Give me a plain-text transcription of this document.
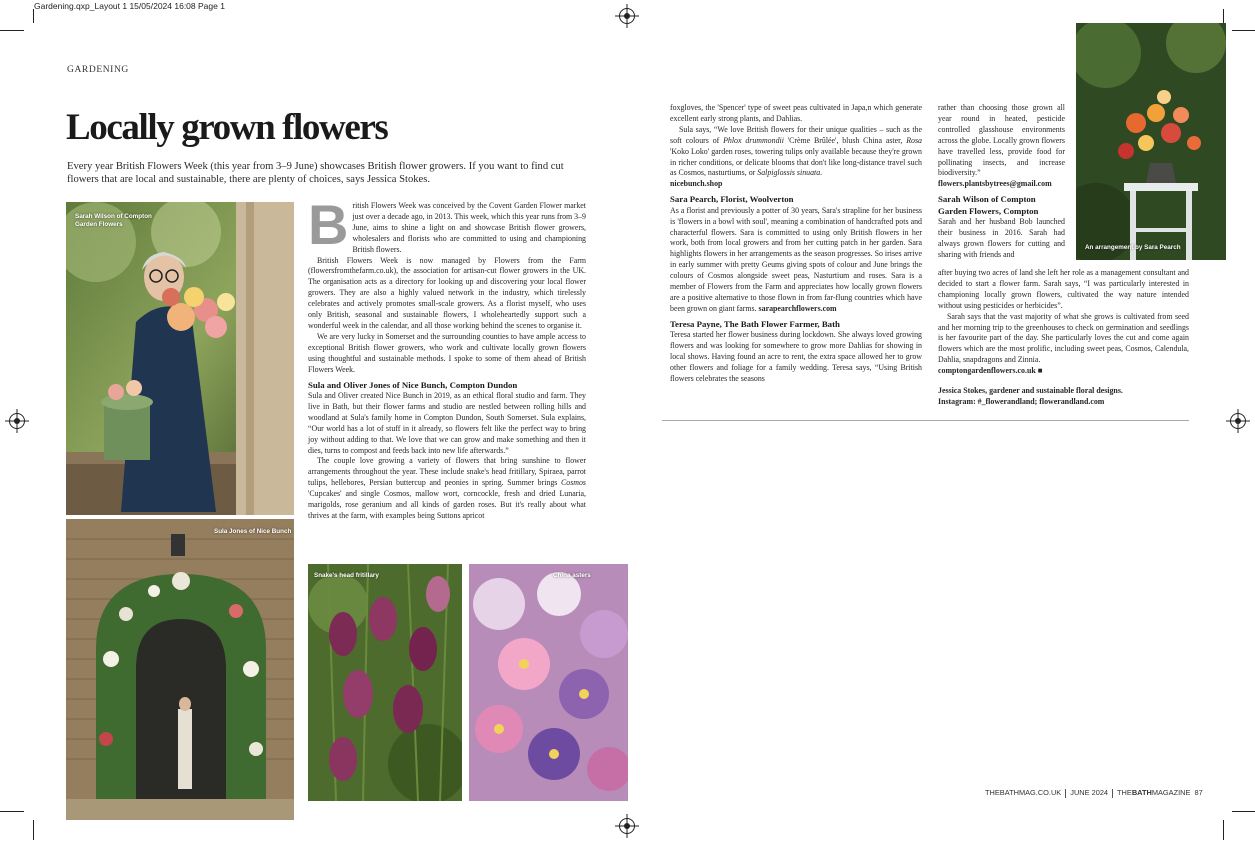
Gardening.qxp_Layout 1 15/05/2024 16:08 Page 1
GARDENING
Locally grown flowers
Every year British Flowers Week (this year from 3–9 June) showcases British flower growers. If you want to find cut flowers that are local and sustainable, there are plenty of choices, says Jessica Stokes.
Sarah Wilson of Compton Garden Flowers
Sula Jones of Nice Bunch
Snake's head fritillary	China asters
An arrangement by Sara Pearch

British Flowers Week was conceived by the Covent Garden Flower market just over a decade ago, in 2013. This week, which this year runs from 3–9 June, aims to shine a light on and showcase British flower growers, wholesalers and florists who are committed to using and championing British flowers.

British Flowers Week is now managed by Flowers from the Farm (flowersfromthefarm.co.uk), the association for artisan-cut flower growers in the UK. The organisation acts as a directory for looking up and discovering your local flower growers. They are also a highly valued network in the industry, which tirelessly celebrates and actively promotes small-scale growers. As a florist myself, who uses only British, seasonal and sustainable flowers, I wholeheartedly support such a wonderful week in the calendar, and all those working behind the scenes to organise it.

We are very lucky in Somerset and the surrounding counties to have ample access to exceptional British flower growers, who work and cultivate locally grown flowers using thoughtful and sustainable methods. I spoke to some of them ahead of British Flowers Week.

Sula and Oliver Jones of Nice Bunch, Compton Dundon

Sula and Oliver created Nice Bunch in 2019, as an ethical floral studio and farm. They live in Bath, but their flower farms and studio are nestled between rolling hills and woodland at Sula's family home in Compton Dundon, South Somerset. Sula explains, “Our world has a lot of stuff in it already, so flowers felt like the perfect way to bring joy without adding to that. We love that we can grow and make something and then it dies, turns to compost and feeds back into new life afterwards.”

The couple love growing a variety of flowers that bring sunshine to flower arrangements throughout the year. These include snake's head fritillary, Spiraea, parrot tulips, hellebores, Persian buttercup and peonies in spring. Summer brings Cosmos 'Cupcakes' and single Cosmos, mallow wort, corncockle, fresh and dried Lunaria, marigolds, rose geranium and all kinds of garden roses. But it's really about what thrives at the farm, with examples being Suttons apricot

foxgloves, the 'Spencer' type of sweet peas cultivated in Japa,n which generate excellent early strong plants, and Dahlias.

Sula says, “We love British flowers for their unique qualities – such as the soft colours of Phlox drummondii 'Crème Brûlée', blush China aster, Rosa 'Koko Loko' garden roses, towering tulips only available because they're grown in richer conditions, or delicate blooms that don't like long-distance travel such as Cosmos, nasturtiums, or Salpiglossis sinuata.

nicebunch.shop

Sara Pearch, Florist, Woolverton

As a florist and previously a potter of 30 years, Sara's strapline for her business is 'flowers in a bowl with soul', meaning a combination of handcrafted pots and characterful flowers. Sara is committed to using only British flowers in her work, both from local growers and from her cutting patch in her garden. Sara highlights flowers in her arrangements as the season progresses. So irises arrive in early summer with pretty Geums giving spots of colour and June brings the colours of Cosmos alongside sweet peas, Nasturtium and roses. Sara is a member of Flowers from the Farm and appreciates how locally grown flowers are a positive alternative to those flown in from far-flung countries which have been grown on giant farms. sarapearchflowers.com

Teresa Payne, The Bath Flower Farmer, Bath

Teresa started her flower business during lockdown. She always loved growing flowers and was looking for somewhere to grow more Dahlias for showing in local shows. Having found an acre to rent, the extra space allowed her to grow other flowers and foliage for a family wedding. Teresa says, “Using British flowers celebrates the seasons

rather than choosing those grown all year round in heated, pesticide controlled glasshouse environments across the globe. Locally grown flowers have travelled less, provide food for pollinating insects, and increase biodiversity.”

flowers.plantsbytrees@gmail.com

Sarah Wilson of Compton Garden Flowers, Compton

Sarah and her husband Bob launched their business in 2016. Sarah had always grown flowers for cutting and sharing with friends and

after buying two acres of land she left her role as a management consultant and decided to start a flower farm. Sarah says, “I was particularly interested in championing locally grown flowers, cultivated the way nature intended without using pesticides or herbicides”.

Sarah says that the vast majority of what she grows is cultivated from seed and her morning trip to the greenhouses to check on germination and seedlings is her favourite part of the day. She particularly loves the cut and come again flowers which are the most prolific, including sweet peas, Cosmos, Calendula, Dahlia, snapdragons and Zinnia.

comptongardenflowers.co.uk ■

Jessica Stokes, gardener and sustainable floral designs.

Instagram: #_flowerandland; flowerandland.com

THEBATHMAG.CO.UK JUNE 2024 THEBATHMAGAZINE 87
